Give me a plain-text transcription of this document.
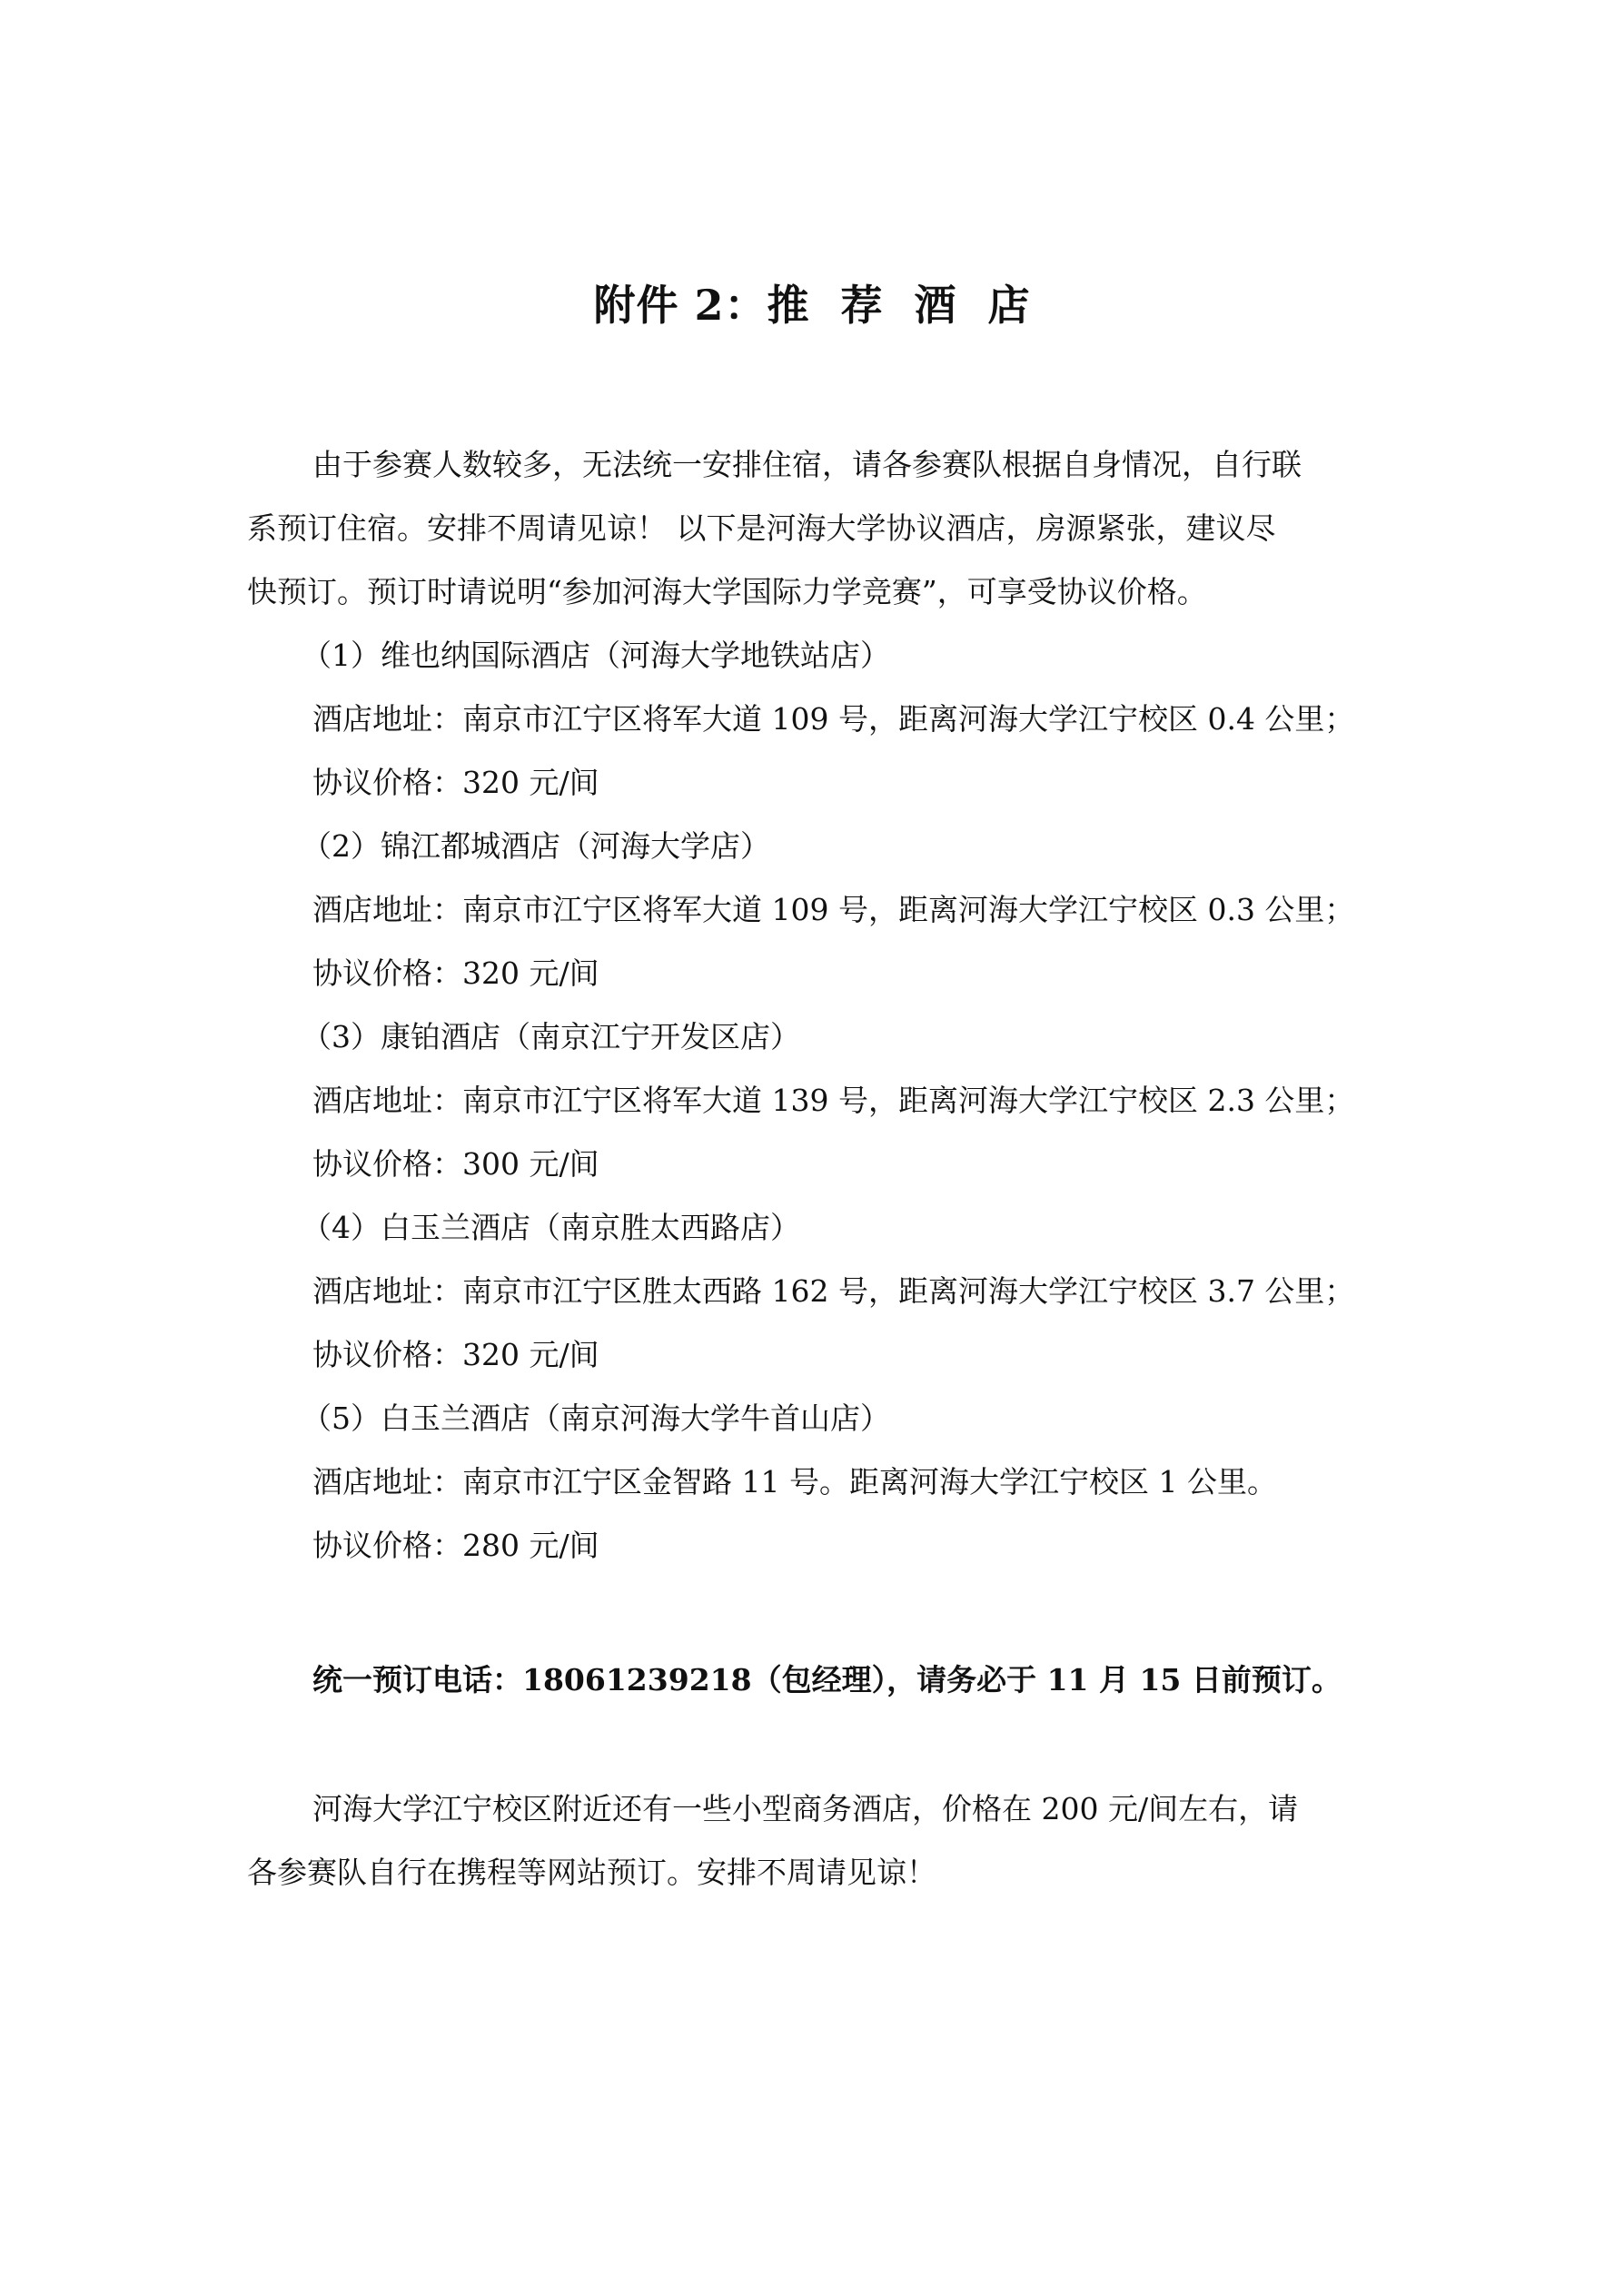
附件 2：推  荐  酒  店
由于参赛人数较多，无法统一安排住宿，请各参赛队根据自身情况，自行联
系预订住宿。安排不周请见谅！ 以下是河海大学协议酒店，房源紧张，建议尽
快预订。预订时请说明“参加河海大学国际力学竞赛”，可享受协议价格。
（1）维也纳国际酒店（河海大学地铁站店）
酒店地址：南京市江宁区将军大道 109 号，距离河海大学江宁校区 0.4 公里；
协议价格：320 元/间
（2）锦江都城酒店（河海大学店）
酒店地址：南京市江宁区将军大道 109 号，距离河海大学江宁校区 0.3 公里；
协议价格：320 元/间
（3）康铂酒店（南京江宁开发区店）
酒店地址：南京市江宁区将军大道 139 号，距离河海大学江宁校区 2.3 公里；
协议价格：300 元/间
（4）白玉兰酒店（南京胜太西路店）
酒店地址：南京市江宁区胜太西路 162 号，距离河海大学江宁校区 3.7 公里；
协议价格：320 元/间
（5）白玉兰酒店（南京河海大学牛首山店）
酒店地址：南京市江宁区金智路 11 号。距离河海大学江宁校区 1 公里。
协议价格：280 元/间
统一预订电话：18061239218（包经理），请务必于 11 月 15 日前预订。
河海大学江宁校区附近还有一些小型商务酒店，价格在 200 元/间左右，请
各参赛队自行在携程等网站预订。安排不周请见谅！
